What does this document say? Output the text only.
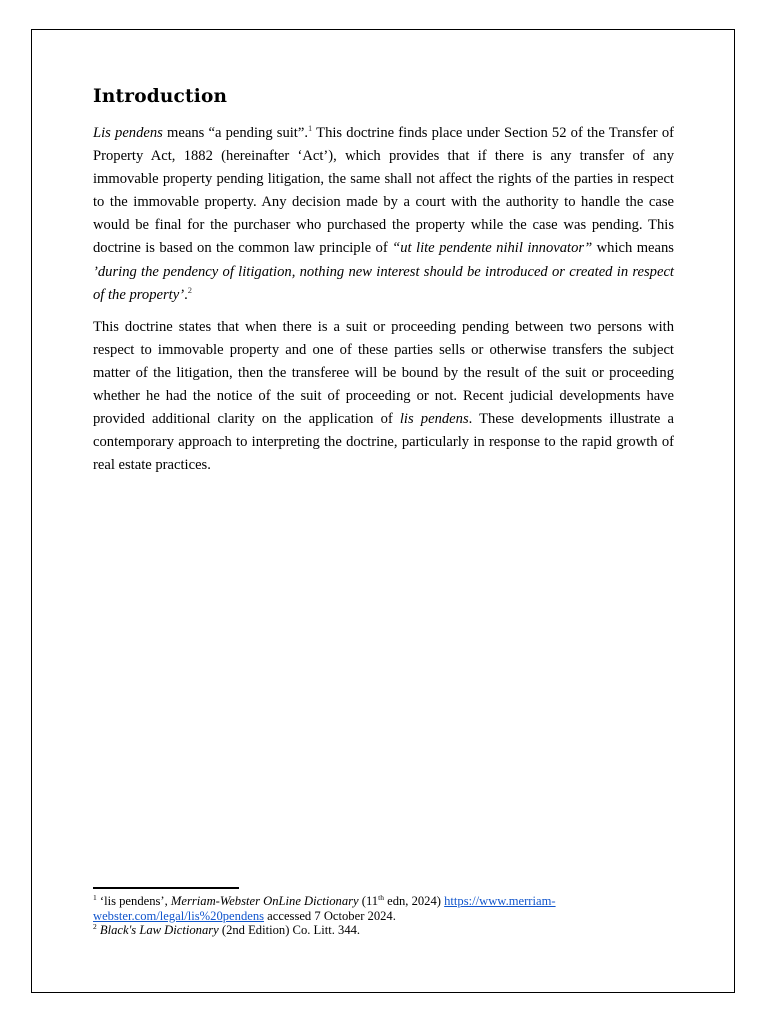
Introduction

Lis pendens means “a pending suit”.$^1$ This doctrine finds place under Section 52 of the Transfer of Property Act, 1882 (hereinafter ‘Act’), which provides that if there is any transfer of any immovable property pending litigation, the same shall not affect the rights of the parties in respect to the immovable property. Any decision made by a court with the authority to handle the case would be final for the purchaser who purchased the property while the case was pending. This doctrine is based on the common law principle of “ut lite pendente nihil innovator” which means ’during the pendency of litigation, nothing new interest should be introduced or created in respect of the property’.$^2$

This doctrine states that when there is a suit or proceeding pending between two persons with respect to immovable property and one of these parties sells or otherwise transfers the subject matter of the litigation, then the transferee will be bound by the result of the suit or proceeding whether he had the notice of the suit of proceeding or not. Recent judicial developments have provided additional clarity on the application of lis pendens. These developments illustrate a contemporary approach to interpreting the doctrine, particularly in response to the rapid growth of real estate practices.

$^1$ ‘lis pendens’, Merriam-Webster OnLine Dictionary (11th edn, 2024) https://www.merriam-webster.com/legal/lis%20pendens accessed 7 October 2024.

$^2$ Black's Law Dictionary (2nd Edition) Co. Litt. 344.
